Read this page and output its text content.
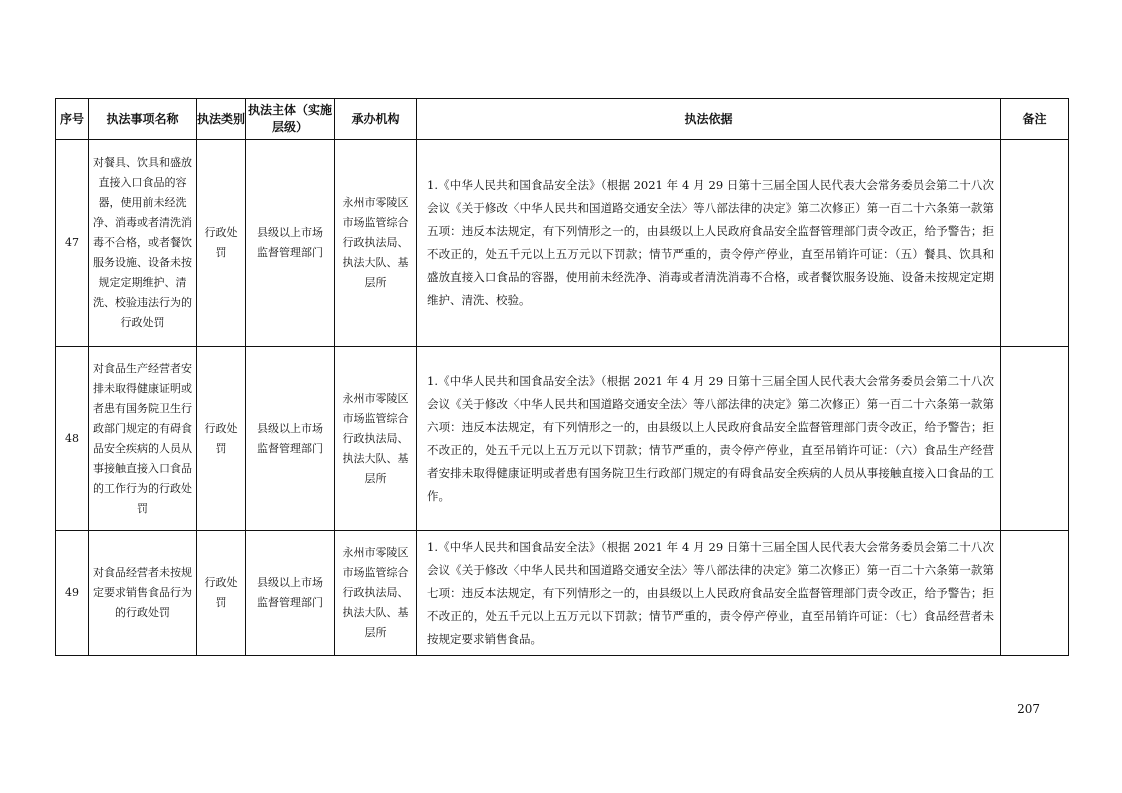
序号	执法事项名称	执法类别	执法主体（实施层级）	承办机构	执法依据	备注
47	对餐具、饮具和盛放直接入口食品的容器，使用前未经洗净、消毒或者清洗消毒不合格，或者餐饮服务设施、设备未按规定定期维护、清洗、校验违法行为的行政处罚	行政处罚	县级以上市场监督管理部门	永州市零陵区市场监管综合行政执法局、执法大队、基层所	1.《中华人民共和国食品安全法》（根据 2021 年 4 月 29 日第十三届全国人民代表大会常务委员会第二十八次会议《关于修改〈中华人民共和国道路交通安全法〉等八部法律的决定》第二次修正）第一百二十六条第一款第五项：违反本法规定，有下列情形之一的，由县级以上人民政府食品安全监督管理部门责令改正，给予警告；拒不改正的，处五千元以上五万元以下罚款；情节严重的，责令停产停业，直至吊销许可证：（五）餐具、饮具和盛放直接入口食品的容器，使用前未经洗净、消毒或者清洗消毒不合格，或者餐饮服务设施、设备未按规定定期维护、清洗、校验。	
48	对食品生产经营者安排未取得健康证明或者患有国务院卫生行政部门规定的有碍食品安全疾病的人员从事接触直接入口食品的工作行为的行政处罚	行政处罚	县级以上市场监督管理部门	永州市零陵区市场监管综合行政执法局、执法大队、基层所	1.《中华人民共和国食品安全法》（根据 2021 年 4 月 29 日第十三届全国人民代表大会常务委员会第二十八次会议《关于修改〈中华人民共和国道路交通安全法〉等八部法律的决定》第二次修正）第一百二十六条第一款第六项：违反本法规定，有下列情形之一的，由县级以上人民政府食品安全监督管理部门责令改正，给予警告；拒不改正的，处五千元以上五万元以下罚款；情节严重的，责令停产停业，直至吊销许可证：（六）食品生产经营者安排未取得健康证明或者患有国务院卫生行政部门规定的有碍食品安全疾病的人员从事接触直接入口食品的工作。	
49	对食品经营者未按规定要求销售食品行为的行政处罚	行政处罚	县级以上市场监督管理部门	永州市零陵区市场监管综合行政执法局、执法大队、基层所	1.《中华人民共和国食品安全法》（根据 2021 年 4 月 29 日第十三届全国人民代表大会常务委员会第二十八次会议《关于修改〈中华人民共和国道路交通安全法〉等八部法律的决定》第二次修正）第一百二十六条第一款第七项：违反本法规定，有下列情形之一的，由县级以上人民政府食品安全监督管理部门责令改正，给予警告；拒不改正的，处五千元以上五万元以下罚款；情节严重的，责令停产停业，直至吊销许可证：（七）食品经营者未按规定要求销售食品。	
207
